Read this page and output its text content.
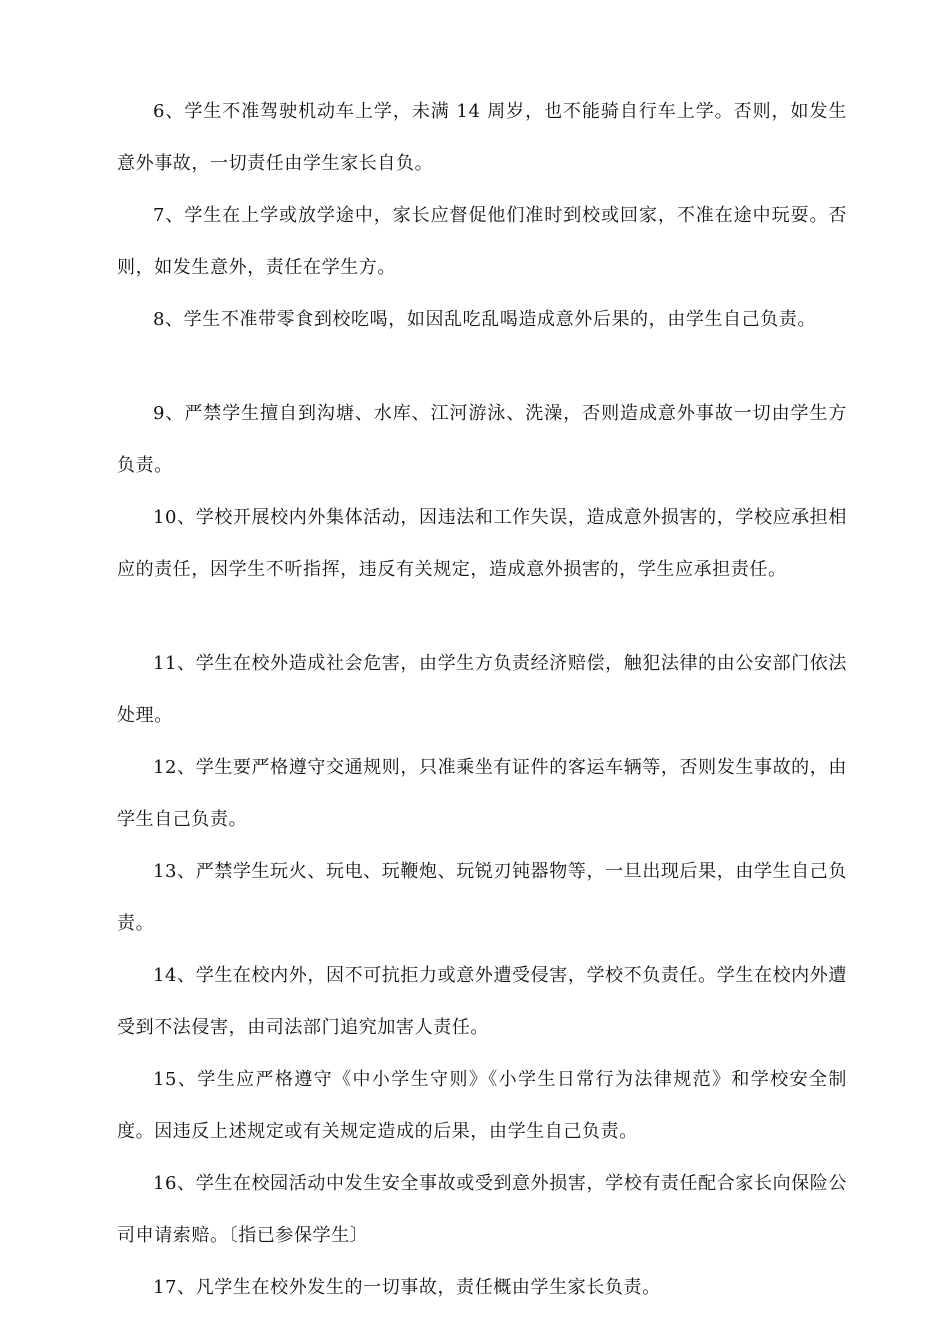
6、学生不准驾驶机动车上学，未满 14 周岁，也不能骑自行车上学。否则，如发生意外事故，一切责任由学生家长自负。

7、学生在上学或放学途中，家长应督促他们准时到校或回家，不准在途中玩耍。否则，如发生意外，责任在学生方。

8、学生不准带零食到校吃喝，如因乱吃乱喝造成意外后果的，由学生自己负责。

9、严禁学生擅自到沟塘、水库、江河游泳、洗澡，否则造成意外事故一切由学生方负责。

10、学校开展校内外集体活动，因违法和工作失误，造成意外损害的，学校应承担相应的责任，因学生不听指挥，违反有关规定，造成意外损害的，学生应承担责任。

11、学生在校外造成社会危害，由学生方负责经济赔偿，触犯法律的由公安部门依法处理。

12、学生要严格遵守交通规则，只准乘坐有证件的客运车辆等，否则发生事故的，由学生自己负责。

13、严禁学生玩火、玩电、玩鞭炮、玩锐刃钝器物等，一旦出现后果，由学生自己负责。

14、学生在校内外，因不可抗拒力或意外遭受侵害，学校不负责任。学生在校内外遭受到不法侵害，由司法部门追究加害人责任。

15、学生应严格遵守《中小学生守则》《小学生日常行为法律规范》和学校安全制度。因违反上述规定或有关规定造成的后果，由学生自己负责。

16、学生在校园活动中发生安全事故或受到意外损害，学校有责任配合家长向保险公司申请索赔。〔指已参保学生〕

17、凡学生在校外发生的一切事故，责任概由学生家长负责。
